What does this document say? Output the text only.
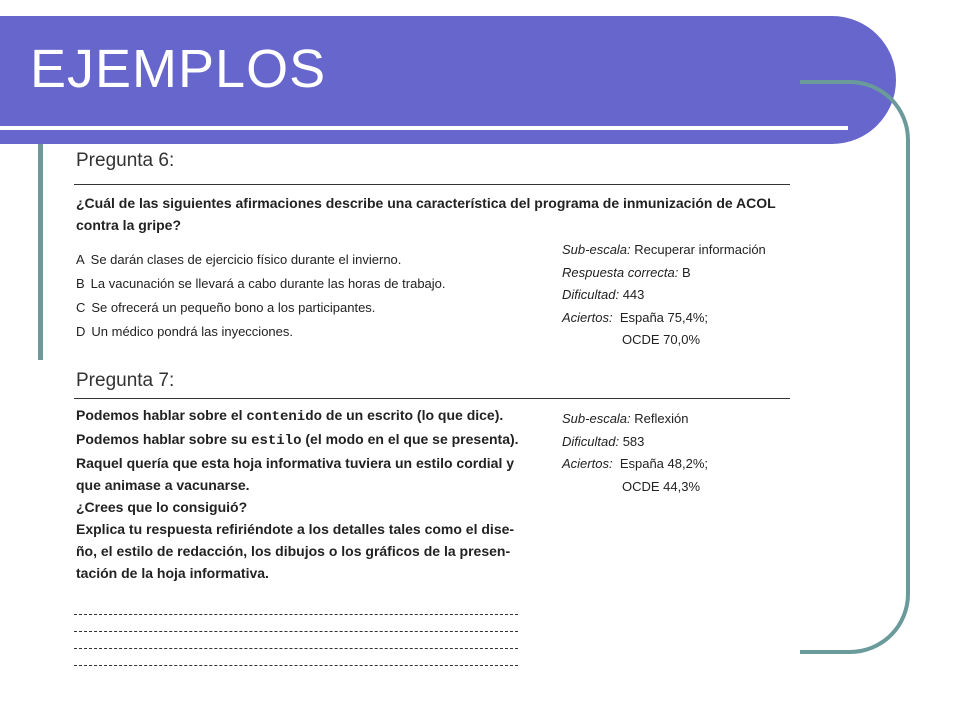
EJEMPLOS
Pregunta 6:
¿Cuál de las siguientes afirmaciones describe una característica del programa de inmunización de ACOL contra la gripe?
A Se darán clases de ejercicio físico durante el invierno.
B La vacunación se llevará a cabo durante las horas de trabajo.
C Se ofrecerá un pequeño bono a los participantes.
D Un médico pondrá las inyecciones.
Sub-escala: Recuperar información
Respuesta correcta: B
Dificultad: 443
Aciertos: España 75,4%;
OCDE 70,0%
Pregunta 7:
Podemos hablar sobre el contenido de un escrito (lo que dice).
Podemos hablar sobre su estilo (el modo en el que se presenta).
Raquel quería que esta hoja informativa tuviera un estilo cordial y
que animase a vacunarse.
¿Crees que lo consiguió?
Explica tu respuesta refiriéndote a los detalles tales como el dise-
ño, el estilo de redacción, los dibujos o los gráficos de la presen-
tación de la hoja informativa.
Sub-escala: Reflexión
Dificultad: 583
Aciertos: España 48,2%;
OCDE 44,3%
